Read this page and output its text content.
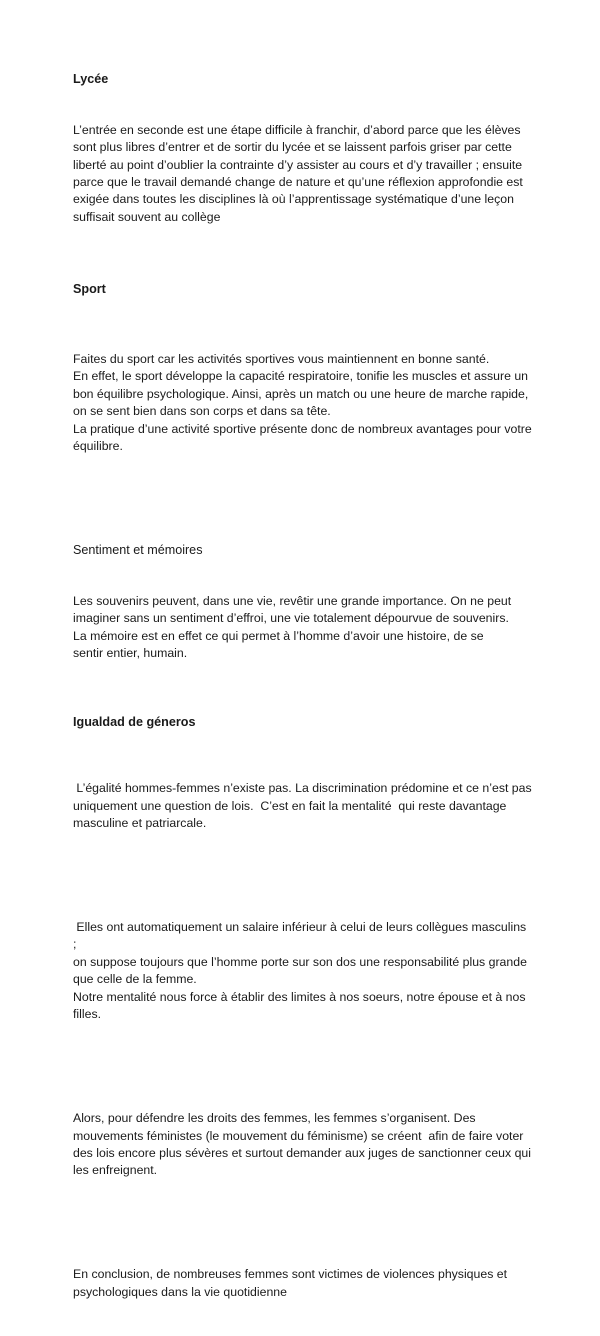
Lycée

L’entrée en seconde est une étape difficile à franchir, d’abord parce que les élèves
sont plus libres d’entrer et de sortir du lycée et se laissent parfois griser par cette
liberté au point d’oublier la contrainte d’y assister au cours et d’y travailler ; ensuite
parce que le travail demandé change de nature et qu’une réflexion approfondie est
exigée dans toutes les disciplines là où l’apprentissage systématique d’une leçon
suffisait souvent au collège

Sport

Faites du sport car les activités sportives vous maintiennent en bonne santé.
En effet, le sport développe la capacité respiratoire, tonifie les muscles et assure un
bon équilibre psychologique. Ainsi, après un match ou une heure de marche rapide,
on se sent bien dans son corps et dans sa tête.
La pratique d’une activité sportive présente donc de nombreux avantages pour votre
équilibre.

Sentiment et mémoires

Les souvenirs peuvent, dans une vie, revêtir une grande importance. On ne peut
imaginer sans un sentiment d’effroi, une vie totalement dépourvue de souvenirs.
La mémoire est en effet ce qui permet à l’homme d’avoir une histoire, de se
sentir entier, humain.

Igualdad de géneros

L’égalité hommes-femmes n’existe pas. La discrimination prédomine et ce n’est pas
uniquement une question de lois.  C’est en fait la mentalité  qui reste davantage
masculine et patriarcale.

Elles ont automatiquement un salaire inférieur à celui de leurs collègues masculins ;
on suppose toujours que l’homme porte sur son dos une responsabilité plus grande
que celle de la femme.
Notre mentalité nous force à établir des limites à nos soeurs, notre épouse et à nos
filles.

Alors, pour défendre les droits des femmes, les femmes s’organisent. Des
mouvements féministes (le mouvement du féminisme) se créent  afin de faire voter
des lois encore plus sévères et surtout demander aux juges de sanctionner ceux qui
les enfreignent.

En conclusion, de nombreuses femmes sont victimes de violences physiques et
psychologiques dans la vie quotidienne
